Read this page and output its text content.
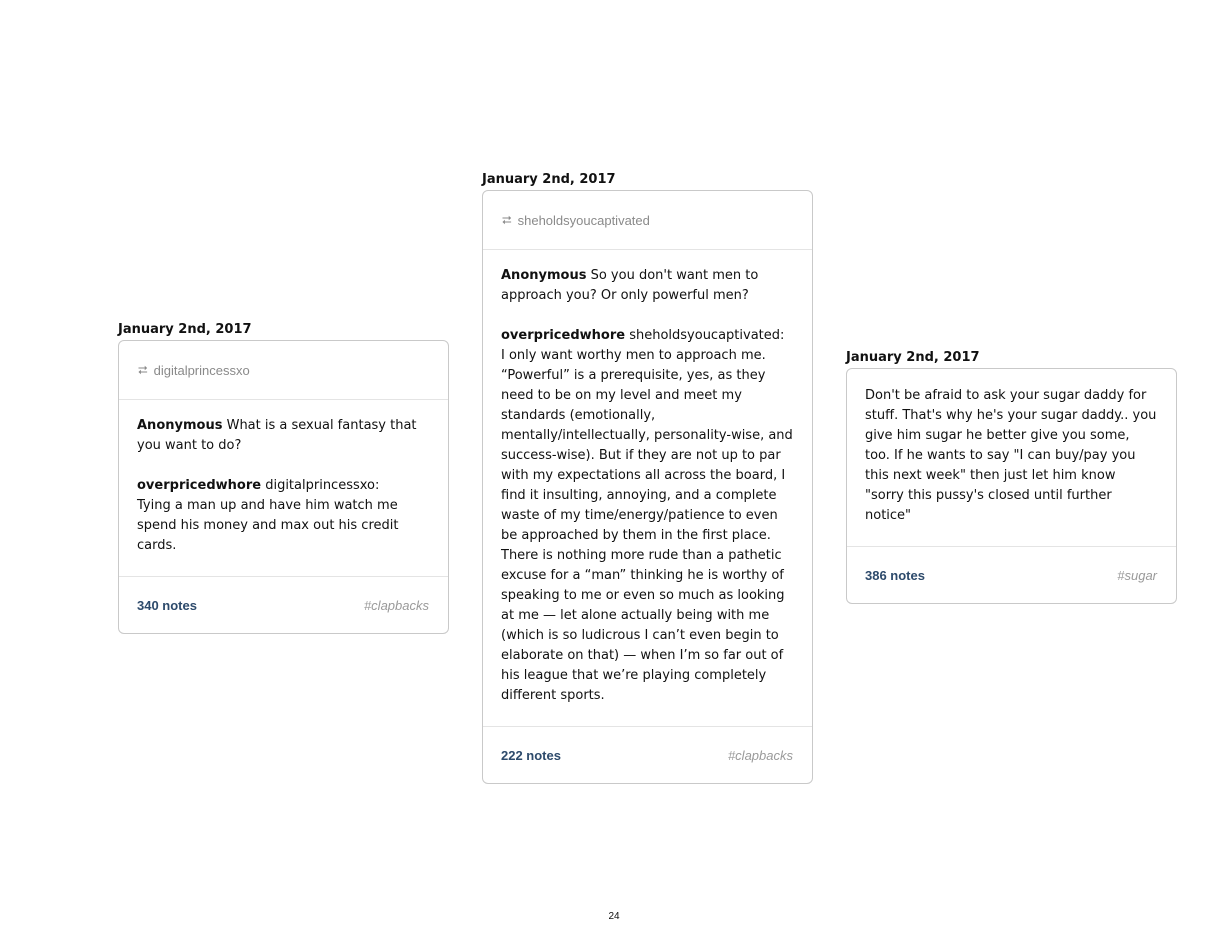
January 2nd, 2017
⮂ digitalprincessxo

Anonymous What is a sexual fantasy that you want to do?

overpricedwhore digitalprincessxo:

Tying a man up and have him watch me spend his money and max out his credit cards.

340 notes	#clapbacks
January 2nd, 2017
⮂ sheholdsyoucaptivated

Anonymous So you don't want men to approach you? Or only powerful men?

overpricedwhore sheholdsyoucaptivated:

I only want worthy men to approach me. “Powerful” is a prerequisite, yes, as they need to be on my level and meet my standards (emotionally, mentally/intellectually, personality-wise, and success-wise). But if they are not up to par with my expectations all across the board, I find it insulting, annoying, and a complete waste of my time/energy/patience to even be approached by them in the first place. There is nothing more rude than a pathetic excuse for a “man” thinking he is worthy of speaking to me or even so much as looking at me — let alone actually being with me (which is so ludicrous I can’t even begin to elaborate on that) — when I’m so far out of his league that we’re playing completely different sports.

222 notes	#clapbacks
January 2nd, 2017

Don't be afraid to ask your sugar daddy for stuff. That's why he's your sugar daddy.. you give him sugar he better give you some, too. If he wants to say "I can buy/pay you this next week" then just let him know "sorry this pussy's closed until further notice"

386 notes	#sugar
24
